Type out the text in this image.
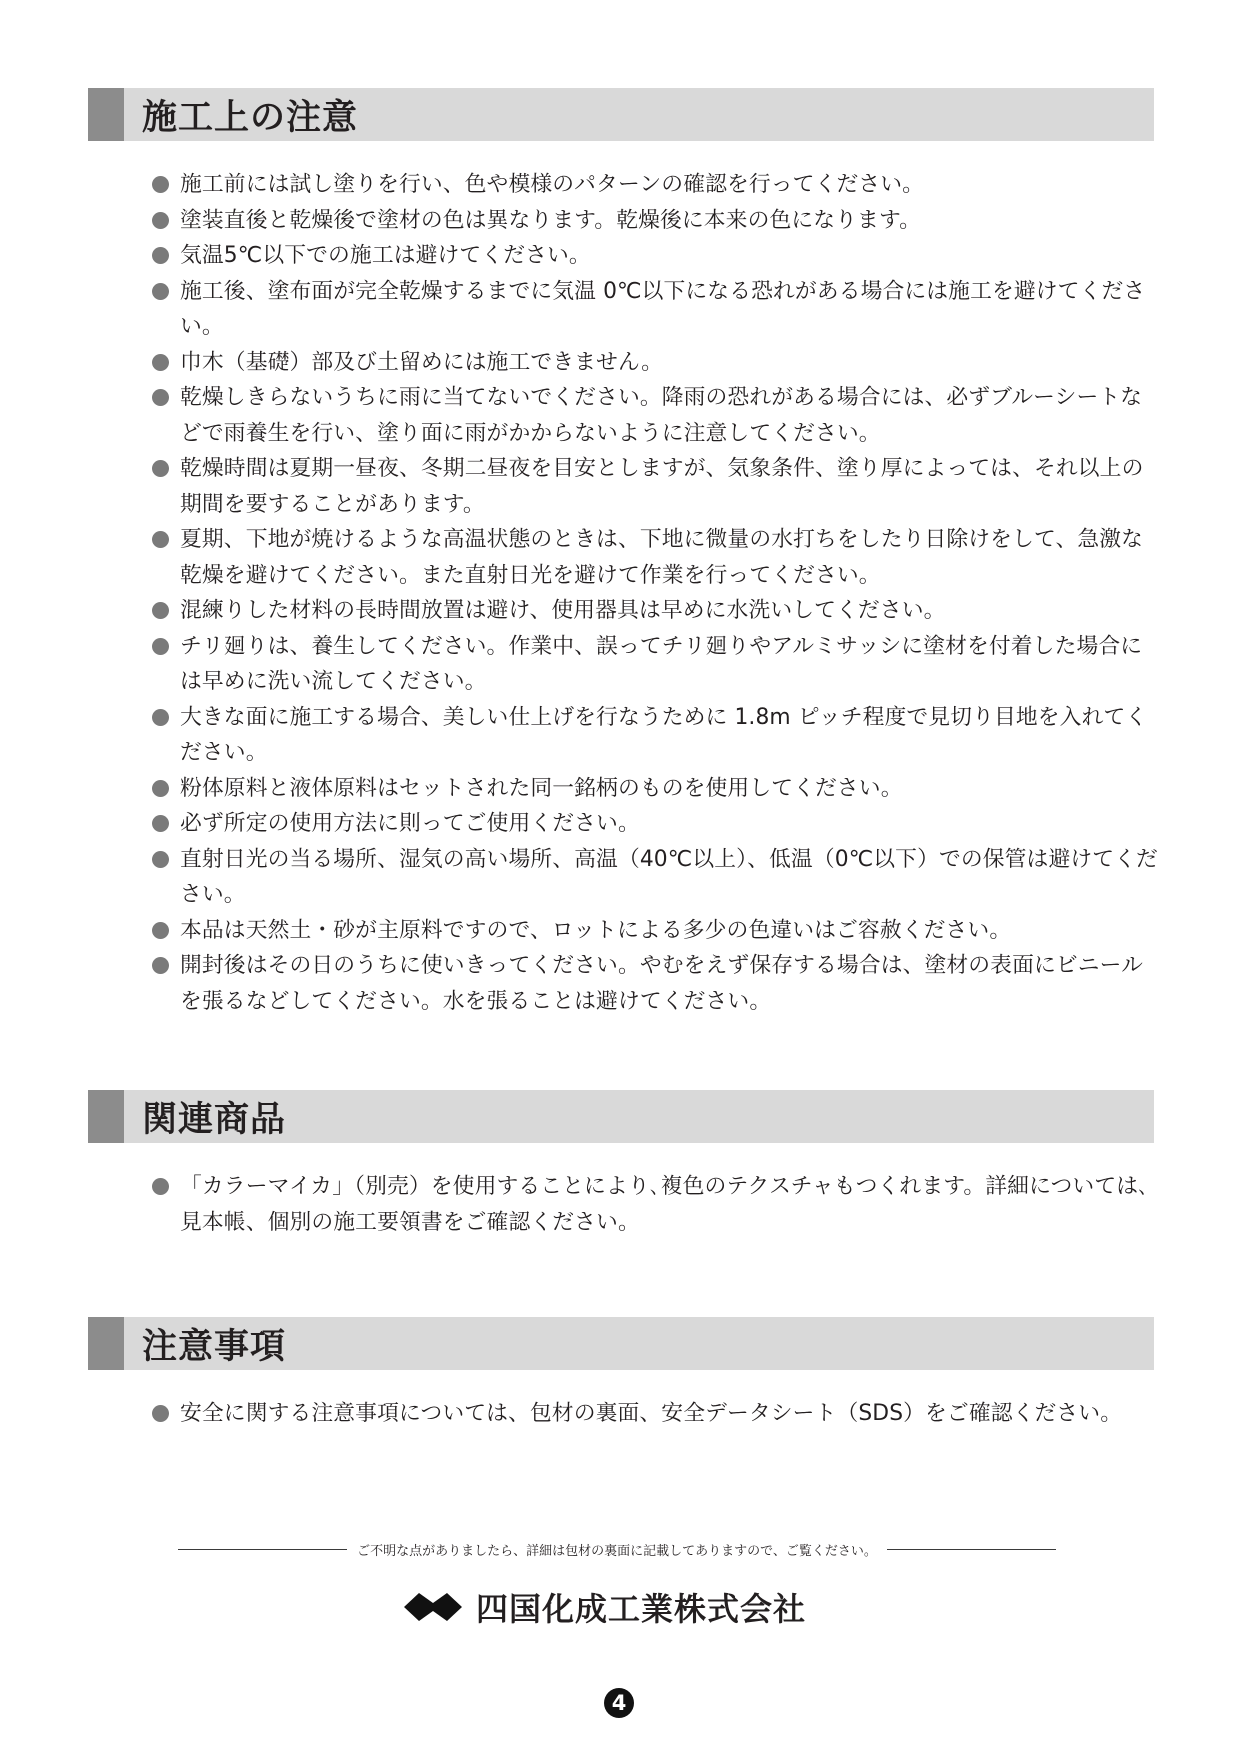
施工上の注意
施工前には試し塗りを行い、色や模様のパターンの確認を行ってください。
塗装直後と乾燥後で塗材の色は異なります。乾燥後に本来の色になります。
気温5℃以下での施工は避けてください。
施工後、塗布面が完全乾燥するまでに気温 0℃以下になる恐れがある場合には施工を避けてください。
巾木（基礎）部及び土留めには施工できません。
乾燥しきらないうちに雨に当てないでください。降雨の恐れがある場合には、必ずブルーシートなどで雨養生を行い、塗り面に雨がかからないように注意してください。
乾燥時間は夏期一昼夜、冬期二昼夜を目安としますが、気象条件、塗り厚によっては、それ以上の期間を要することがあります。
夏期、下地が焼けるような高温状態のときは、下地に微量の水打ちをしたり日除けをして、急激な乾燥を避けてください。また直射日光を避けて作業を行ってください。
混練りした材料の長時間放置は避け、使用器具は早めに水洗いしてください。
チリ廻りは、養生してください。作業中、誤ってチリ廻りやアルミサッシに塗材を付着した場合には早めに洗い流してください。
大きな面に施工する場合、美しい仕上げを行なうために 1.8m ピッチ程度で見切り目地を入れてください。
粉体原料と液体原料はセットされた同一銘柄のものを使用してください。
必ず所定の使用方法に則ってご使用ください。
直射日光の当る場所、湿気の高い場所、高温（40℃以上）、低温（0℃以下）での保管は避けてください。
本品は天然土・砂が主原料ですので、ロットによる多少の色違いはご容赦ください。
開封後はその日のうちに使いきってください。やむをえず保存する場合は、塗材の表面にビニールを張るなどしてください。水を張ることは避けてください。
関連商品
「カラーマイカ」（別売）を使用することにより､複色のテクスチャもつくれます。詳細については､見本帳、個別の施工要領書をご確認ください。
注意事項
安全に関する注意事項については、包材の裏面、安全データシート（SDS）をご確認ください。
ご不明な点がありましたら、詳細は包材の裏面に記載してありますので、ご覧ください。
四国化成工業株式会社
4
